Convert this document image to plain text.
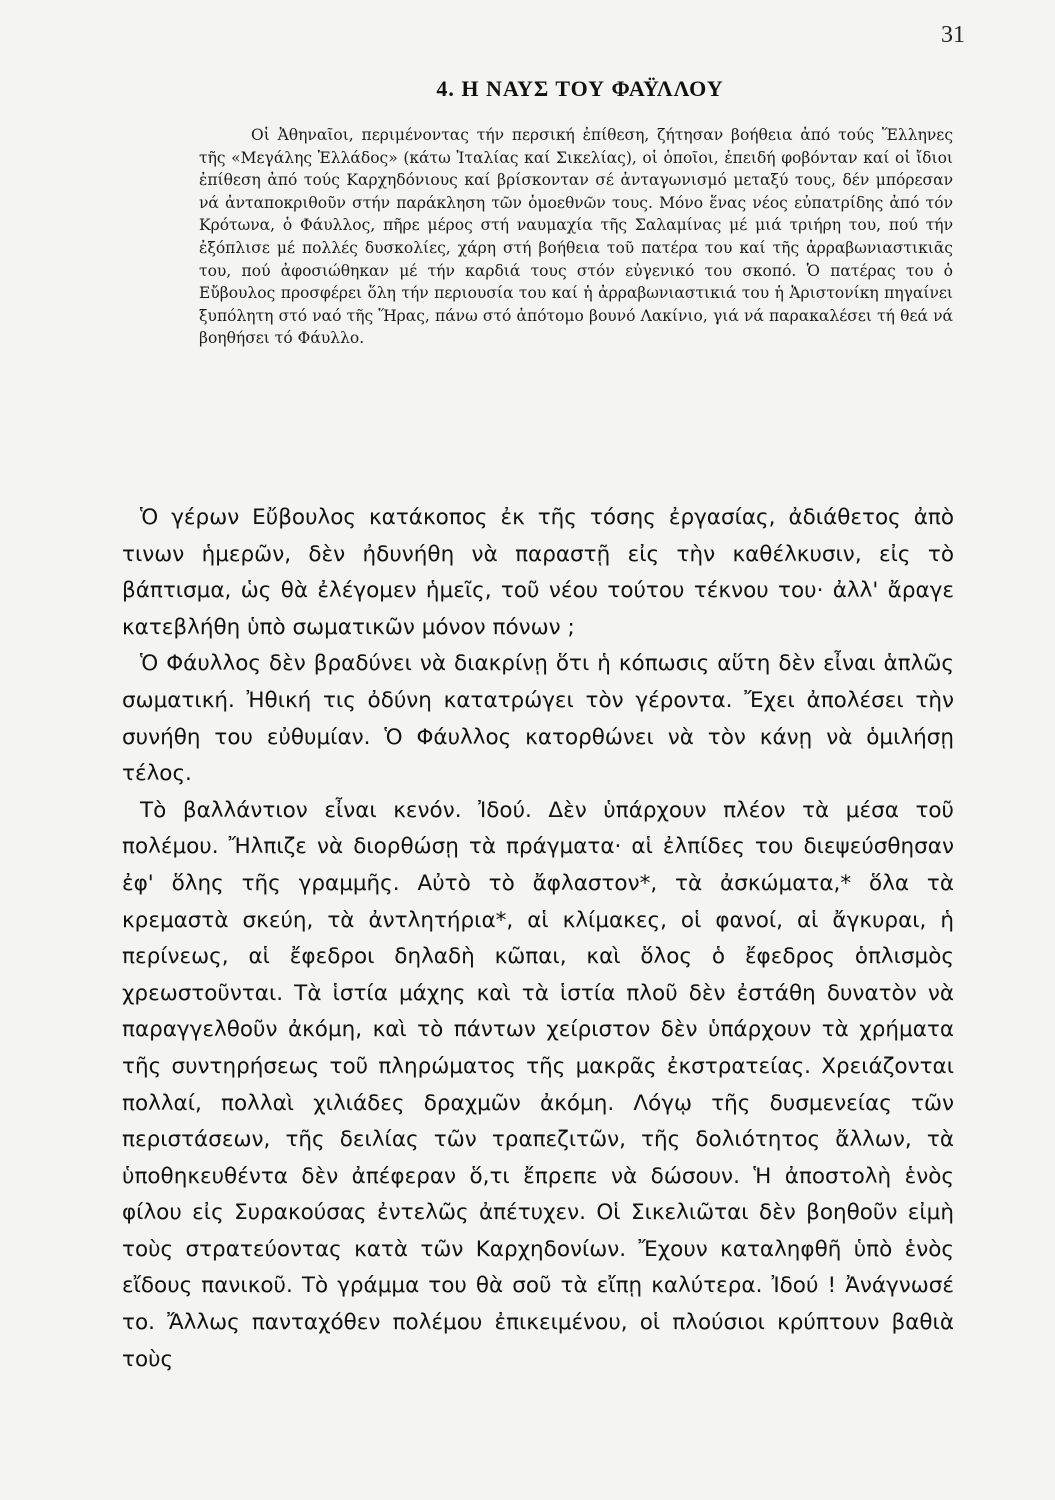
31
4. Η ΝΑΥΣ ΤΟΥ ΦΑΫΛΛΟΥ

Οἱ Ἀθηναῖοι, περιμένοντας τήν περσική ἐπίθεση, ζήτησαν βοήθεια ἀπό τούς Ἕλληνες τῆς «Μεγάλης Ἑλλάδος» (κάτω Ἰταλίας καί Σικελίας), οἱ ὁποῖοι, ἐπειδή φοβόνταν καί οἱ ἴδιοι ἐπίθεση ἀπό τούς Καρχηδόνιους καί βρίσκονταν σέ ἀνταγωνισμό μεταξύ τους, δέν μπόρεσαν νά ἀνταποκριθοῦν στήν παράκληση τῶν ὁμοεθνῶν τους. Μόνο ἕνας νέος εὐπατρίδης ἀπό τόν Κρότωνα, ὁ Φάυλλος, πῆρε μέρος στή ναυμαχία τῆς Σαλαμίνας μέ μιά τριήρη του, πού τήν ἐξόπλισε μέ πολλές δυσκολίες, χάρη στή βοήθεια τοῦ πατέρα του καί τῆς ἀρραβωνιαστικιᾶς του, πού ἀφοσιώθηκαν μέ τήν καρδιά τους στόν εὐγενικό του σκοπό. Ὁ πατέρας του ὁ Εὔβουλος προσφέρει ὅλη τήν περιουσία του καί ἡ ἀρραβωνιαστικιά του ἡ Ἀριστονίκη πηγαίνει ξυπόλητη στό ναό τῆς Ἥρας, πάνω στό ἀπότομο βουνό Λακίνιο, γιά νά παρακαλέσει τή θεά νά βοηθήσει τό Φάυλλο.

Ὁ γέρων Εὔβουλος κατάκοπος ἐκ τῆς τόσης ἐργασίας, ἀδιάθετος ἀπὸ τινων ἡμερῶν, δὲν ἠδυνήθη νὰ παραστῇ εἰς τὴν καθέλκυσιν, εἰς τὸ βάπτισμα, ὡς θὰ ἐλέγομεν ἡμεῖς, τοῦ νέου τούτου τέκνου του· ἀλλ' ἄραγε κατεβλήθη ὑπὸ σωματικῶν μόνον πόνων ;

Ὁ Φάυλλος δὲν βραδύνει νὰ διακρίνῃ ὅτι ἡ κόπωσις αὕτη δὲν εἶναι ἁπλῶς σωματική. Ἠθική τις ὀδύνη κατατρώγει τὸν γέροντα. Ἔχει ἀπολέσει τὴν συνήθη του εὐθυμίαν. Ὁ Φάυλλος κατορθώνει νὰ τὸν κάνῃ νὰ ὁμιλήσῃ τέλος.

Τὸ βαλλάντιον εἶναι κενόν. Ἰδού. Δὲν ὑπάρχουν πλέον τὰ μέσα τοῦ πολέμου. Ἤλπιζε νὰ διορθώσῃ τὰ πράγματα· αἱ ἐλπίδες του διεψεύσθησαν ἐφ' ὅλης τῆς γραμμῆς. Αὐτὸ τὸ ἄφλαστον*, τὰ ἀσκώματα,* ὅλα τὰ κρεμαστὰ σκεύη, τὰ ἀντλητήρια*, αἱ κλίμακες, οἱ φανοί, αἱ ἄγκυραι, ἡ περίνεως, αἱ ἔφεδροι δηλαδὴ κῶπαι, καὶ ὅλος ὁ ἔφεδρος ὁπλισμὸς χρεωστοῦνται. Τὰ ἱστία μάχης καὶ τὰ ἱστία πλοῦ δὲν ἐστάθη δυνατὸν νὰ παραγγελθοῦν ἀκόμη, καὶ τὸ πάντων χείριστον δὲν ὑπάρχουν τὰ χρήματα τῆς συντηρήσεως τοῦ πληρώματος τῆς μακρᾶς ἐκστρατείας. Χρειάζονται πολλαί, πολλαὶ χιλιάδες δραχμῶν ἀκόμη. Λόγῳ τῆς δυσμενείας τῶν περιστάσεων, τῆς δειλίας τῶν τραπεζιτῶν, τῆς δολιότητος ἄλλων, τὰ ὑποθηκευθέντα δὲν ἀπέφεραν ὅ,τι ἔπρεπε νὰ δώσουν. Ἡ ἀποστολὴ ἑνὸς φίλου εἰς Συρακούσας ἐντελῶς ἀπέτυχεν. Οἱ Σικελιῶται δὲν βοηθοῦν εἰμὴ τοὺς στρατεύοντας κατὰ τῶν Καρχηδονίων. Ἔχουν καταληφθῆ ὑπὸ ἑνὸς εἴδους πανικοῦ. Τὸ γράμμα του θὰ σοῦ τὰ εἴπῃ καλύτερα. Ἰδού ! Ἀνάγνωσέ το. Ἄλλως πανταχόθεν πολέμου ἐπικειμένου, οἱ πλούσιοι κρύπτουν βαθιὰ τοὺς
